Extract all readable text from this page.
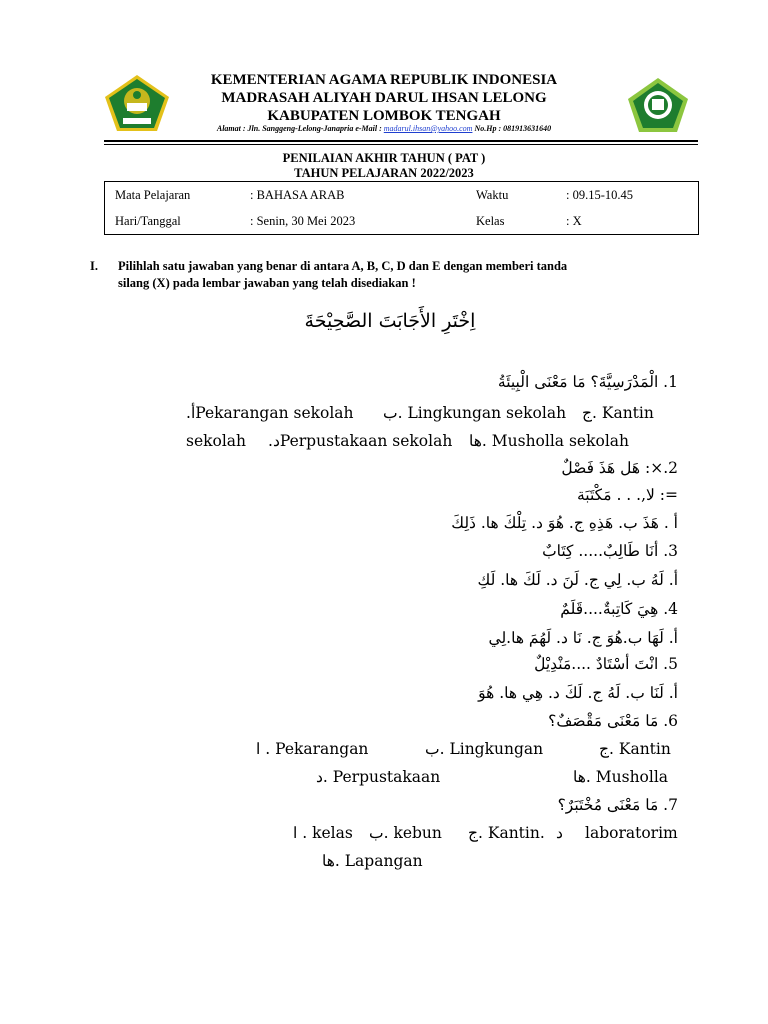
KEMENTERIAN AGAMA REPUBLIK INDONESIA
MADRASAH ALIYAH DARUL IHSAN LELONG
KABUPATEN LOMBOK TENGAH
Alamat : Jln. Sanggeng-Lelong-Janapria e-Mail : madarul.ihsan@yahoo.com No.Hp : 081913631640
PENILAIAN AKHIR TAHUN ( PAT )
TAHUN PELAJARAN 2022/2023
	Mata Pelajaran	: BAHASA ARAB	Waktu	: 09.15-10.45
	Hari/Tanggal	: Senin, 30 Mei 2023	Kelas	: X
I. Pilihlah satu jawaban yang benar di antara A, B, C, D dan E dengan memberi tanda
silang (X) pada lembar jawaban yang telah disediakan !
اِخْتَرِ الأَجَابَتَ الصَّحِيْحَةَ
1. الْمَدْرَسِيَّةَ؟ مَا مَعْنَى الْبِيئَةُ
ج. Kantin
ب. Lingkungan sekolah
.أPekarangan sekolah
ها. Musholla sekolah
.دPerpustakaan sekolah
sekolah
2.×: هَل هَذَ فَصْلٌ
=: لا,. . . مَكْتَبَة
أ . هَذَ ب. هَذِهِ ج. هُوَ د. تِلْكَ ها. ذَلِكَ
3. أنَا طَالِبٌ..... كِتَابٌ
أ. لَهُ ب. لِي ج. لَنَ د. لَكَ ها. لَكِ
4. هِيَ كَاتِبةٌ....قَلَمٌ
أ. لَهَا ب.هُوَ ج. نَا د. لَهُمَ ها.لِي
5. انْتَ أسْتَادٌ ....مَنْدِيْلٌ
أ. لَنَا ب. لَهُ ج. لَكَ د. هِي ها. هُوَ
6. مَا مَعْنَى مَقْصَفٌ؟
ج. Kantin
ب. Lingkungan
ا . Pekarangan
ها. Musholla
د. Perpustakaan
7. مَا مَعْنَى مُخْتَبَرٌ؟
laboratorim
د
ج. Kantin.
ب. kebun
ا . kelas
ها. Lapangan
